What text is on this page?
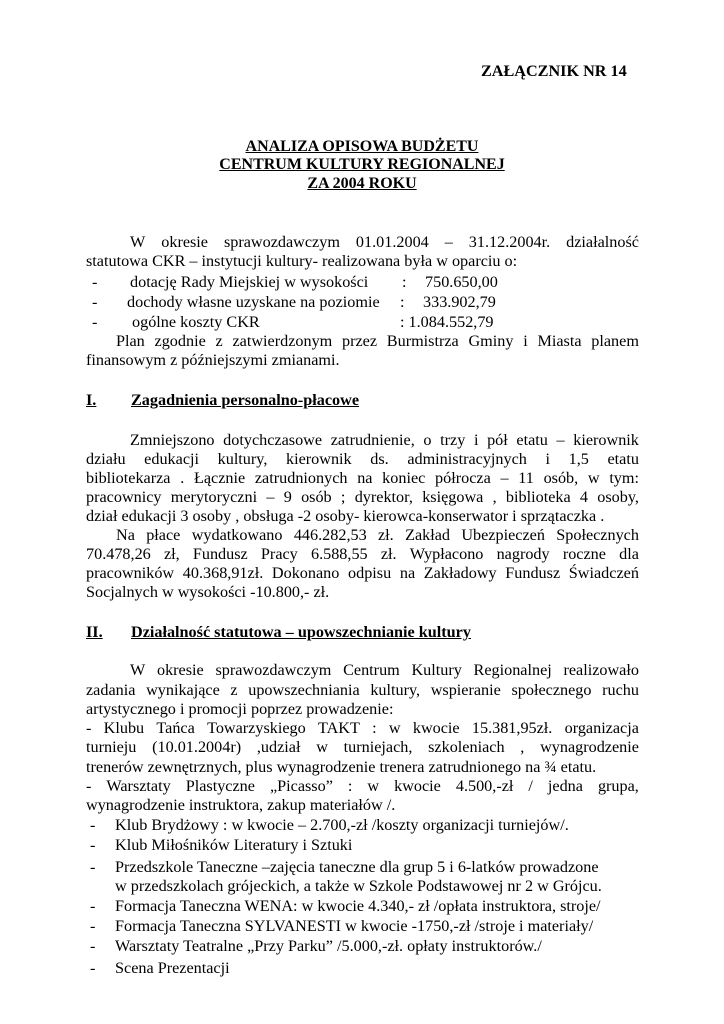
ZAŁĄCZNIK NR 14
ANALIZA OPISOWA BUDŻETU
CENTRUM KULTURY REGIONALNEJ
ZA 2004 ROKU
W okresie sprawozdawczym 01.01.2004 – 31.12.2004r. działalność
statutowa CKR – instytucji kultury- realizowana była w oparciu o:
- dotację Rady Miejskiej w wysokości : 750.650,00
- dochody własne uzyskane na poziomie : 333.902,79
- ogólne koszty CKR	: 1.084.552,79
Plan zgodnie z zatwierdzonym przez Burmistrza Gminy i Miasta planem
finansowym z późniejszymi zmianami.
I. Zagadnienia personalno-płacowe
Zmniejszono dotychczasowe zatrudnienie, o trzy i pół etatu – kierownik
działu edukacji kultury, kierownik ds. administracyjnych i 1,5 etatu
bibliotekarza . Łącznie zatrudnionych na koniec półrocza – 11 osób, w tym:
pracownicy merytoryczni – 9 osób ; dyrektor, księgowa , biblioteka 4 osoby,
dział edukacji 3 osoby , obsługa -2 osoby- kierowca-konserwator i sprzątaczka .
Na płace wydatkowano 446.282,53 zł. Zakład Ubezpieczeń Społecznych
70.478,26 zł, Fundusz Pracy 6.588,55 zł. Wypłacono nagrody roczne dla
pracowników 40.368,91zł. Dokonano odpisu na Zakładowy Fundusz Świadczeń
Socjalnych w wysokości -10.800,- zł.
II. Działalność statutowa – upowszechnianie kultury
W okresie sprawozdawczym Centrum Kultury Regionalnej realizowało
zadania wynikające z upowszechniania kultury, wspieranie społecznego ruchu
artystycznego i promocji poprzez prowadzenie:
- Klubu Tańca Towarzyskiego TAKT : w kwocie 15.381,95zł. organizacja
turnieju (10.01.2004r) ,udział w turniejach, szkoleniach , wynagrodzenie
trenerów zewnętrznych, plus wynagrodzenie trenera zatrudnionego na ¾ etatu.
- Warsztaty Plastyczne „Picasso” : w kwocie 4.500,-zł / jedna grupa,
wynagrodzenie instruktora, zakup materiałów /.
- Klub Brydżowy : w kwocie – 2.700,-zł /koszty organizacji turniejów/.
- Klub Miłośników Literatury i Sztuki
- Przedszkole Taneczne –zajęcia taneczne dla grup 5 i 6-latków prowadzone
w przedszkolach grójeckich, a także w Szkole Podstawowej nr 2 w Grójcu.
- Formacja Taneczna WENA: w kwocie 4.340,- zł /opłata instruktora, stroje/
- Formacja Taneczna SYLVANESTI w kwocie -1750,-zł /stroje i materiały/
- Warsztaty Teatralne „Przy Parku” /5.000,-zł. opłaty instruktorów./
- Scena Prezentacji
